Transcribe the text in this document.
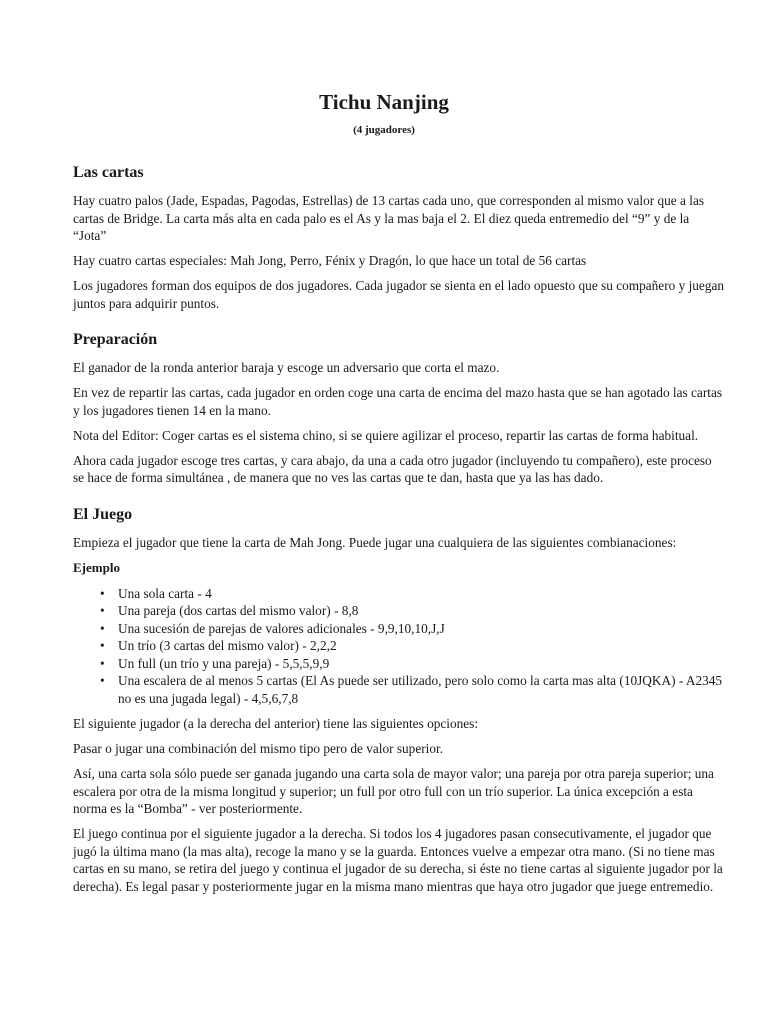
Tichu Nanjing
(4 jugadores)
Las cartas

Hay cuatro palos (Jade, Espadas, Pagodas, Estrellas) de 13 cartas cada uno, que corresponden al mismo valor que a las cartas de Bridge. La carta más alta en cada palo es el As y la mas baja el 2. El diez queda entremedio del “9” y de la “Jota”

Hay cuatro cartas especiales: Mah Jong, Perro, Fénix y Dragón, lo que hace un total de 56 cartas

Los jugadores forman dos equipos de dos jugadores. Cada jugador se sienta en el lado opuesto que su compañero y juegan juntos para adquirir puntos.

Preparación

El ganador de la ronda anterior baraja y escoge un adversario que corta el mazo.

En vez de repartir las cartas, cada jugador en orden coge una carta de encima del mazo hasta que se han agotado las cartas y los jugadores tienen 14 en la mano.

Nota del Editor: Coger cartas es el sistema chino, si se quiere agilizar el proceso, repartir las cartas de forma habitual.

Ahora cada jugador escoge tres cartas, y cara abajo, da una a cada otro jugador (incluyendo tu compañero), este proceso se hace de forma simultánea , de manera que no ves las cartas que te dan, hasta que ya las has dado.

El Juego

Empieza el jugador que tiene la carta de Mah Jong. Puede jugar una cualquiera de las siguientes combianaciones:

Ejemplo
• Una sola carta - 4
• Una pareja (dos cartas del mismo valor) - 8,8
• Una sucesión de parejas de valores adicionales - 9,9,10,10,J,J
• Un trío (3 cartas del mismo valor) - 2,2,2
• Un full (un trío y una pareja) - 5,5,5,9,9
• Una escalera de al menos 5 cartas (El As puede ser utilizado, pero solo como la carta mas alta (10JQKA) - A2345 no es una jugada legal) - 4,5,6,7,8

El siguiente jugador (a la derecha del anterior) tiene las siguientes opciones:

Pasar o jugar una combinación del mismo tipo pero de valor superior.

Así, una carta sola sólo puede ser ganada jugando una carta sola de mayor valor; una pareja por otra pareja superior; una escalera por otra de la misma longitud y superior; un full por otro full con un trío superior. La única excepción a esta norma es la “Bomba” - ver posteriormente.

El juego continua por el siguiente jugador a la derecha. Si todos los 4 jugadores pasan consecutivamente, el jugador que jugó la última mano (la mas alta), recoge la mano y se la guarda. Entonces vuelve a empezar otra mano. (Si no tiene mas cartas en su mano, se retira del juego y continua el jugador de su derecha, si éste no tiene cartas al siguiente jugador por la derecha). Es legal pasar y posteriormente jugar en la misma mano mientras que haya otro jugador que juege entremedio.
